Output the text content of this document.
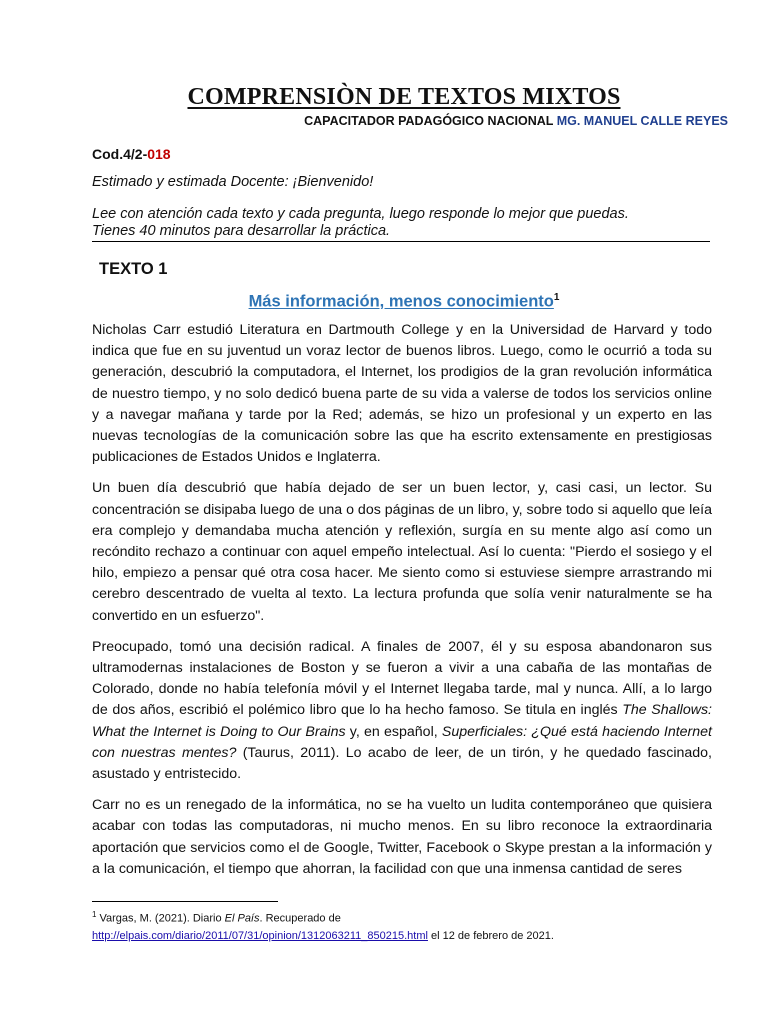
COMPRENSIÒN DE TEXTOS MIXTOS
CAPACITADOR PADAGÓGICO NACIONAL MG. MANUEL CALLE REYES
Cod.4/2-018
Estimado y estimada Docente: ¡Bienvenido!
Lee con atención cada texto y cada pregunta, luego responde lo mejor que puedas.
Tienes 40 minutos para desarrollar la práctica.
TEXTO 1
Más información, menos conocimiento$^1$

Nicholas Carr estudió Literatura en Dartmouth College y en la Universidad de Harvard y todo indica que fue en su juventud un voraz lector de buenos libros. Luego, como le ocurrió a toda su generación, descubrió la computadora, el Internet, los prodigios de la gran revolución informática de nuestro tiempo, y no solo dedicó buena parte de su vida a valerse de todos los servicios online y a navegar mañana y tarde por la Red; además, se hizo un profesional y un experto en las nuevas tecnologías de la comunicación sobre las que ha escrito extensamente en prestigiosas publicaciones de Estados Unidos e Inglaterra.

Un buen día descubrió que había dejado de ser un buen lector, y, casi casi, un lector. Su concentración se disipaba luego de una o dos páginas de un libro, y, sobre todo si aquello que leía era complejo y demandaba mucha atención y reflexión, surgía en su mente algo así como un recóndito rechazo a continuar con aquel empeño intelectual. Así lo cuenta: "Pierdo el sosiego y el hilo, empiezo a pensar qué otra cosa hacer. Me siento como si estuviese siempre arrastrando mi cerebro descentrado de vuelta al texto. La lectura profunda que solía venir naturalmente se ha convertido en un esfuerzo".

Preocupado, tomó una decisión radical. A finales de 2007, él y su esposa abandonaron sus ultramodernas instalaciones de Boston y se fueron a vivir a una cabaña de las montañas de Colorado, donde no había telefonía móvil y el Internet llegaba tarde, mal y nunca. Allí, a lo largo de dos años, escribió el polémico libro que lo ha hecho famoso. Se titula en inglés The Shallows: What the Internet is Doing to Our Brains y, en español, Superficiales: ¿Qué está haciendo Internet con nuestras mentes? (Taurus, 2011). Lo acabo de leer, de un tirón, y he quedado fascinado, asustado y entristecido.

Carr no es un renegado de la informática, no se ha vuelto un ludita contemporáneo que quisiera acabar con todas las computadoras, ni mucho menos. En su libro reconoce la extraordinaria aportación que servicios como el de Google, Twitter, Facebook o Skype prestan a la información y a la comunicación, el tiempo que ahorran, la facilidad con que una inmensa cantidad de seres

$^1$ Vargas, M. (2021). Diario El País. Recuperado de
http://elpais.com/diario/2011/07/31/opinion/1312063211_850215.html el 12 de febrero de 2021.
